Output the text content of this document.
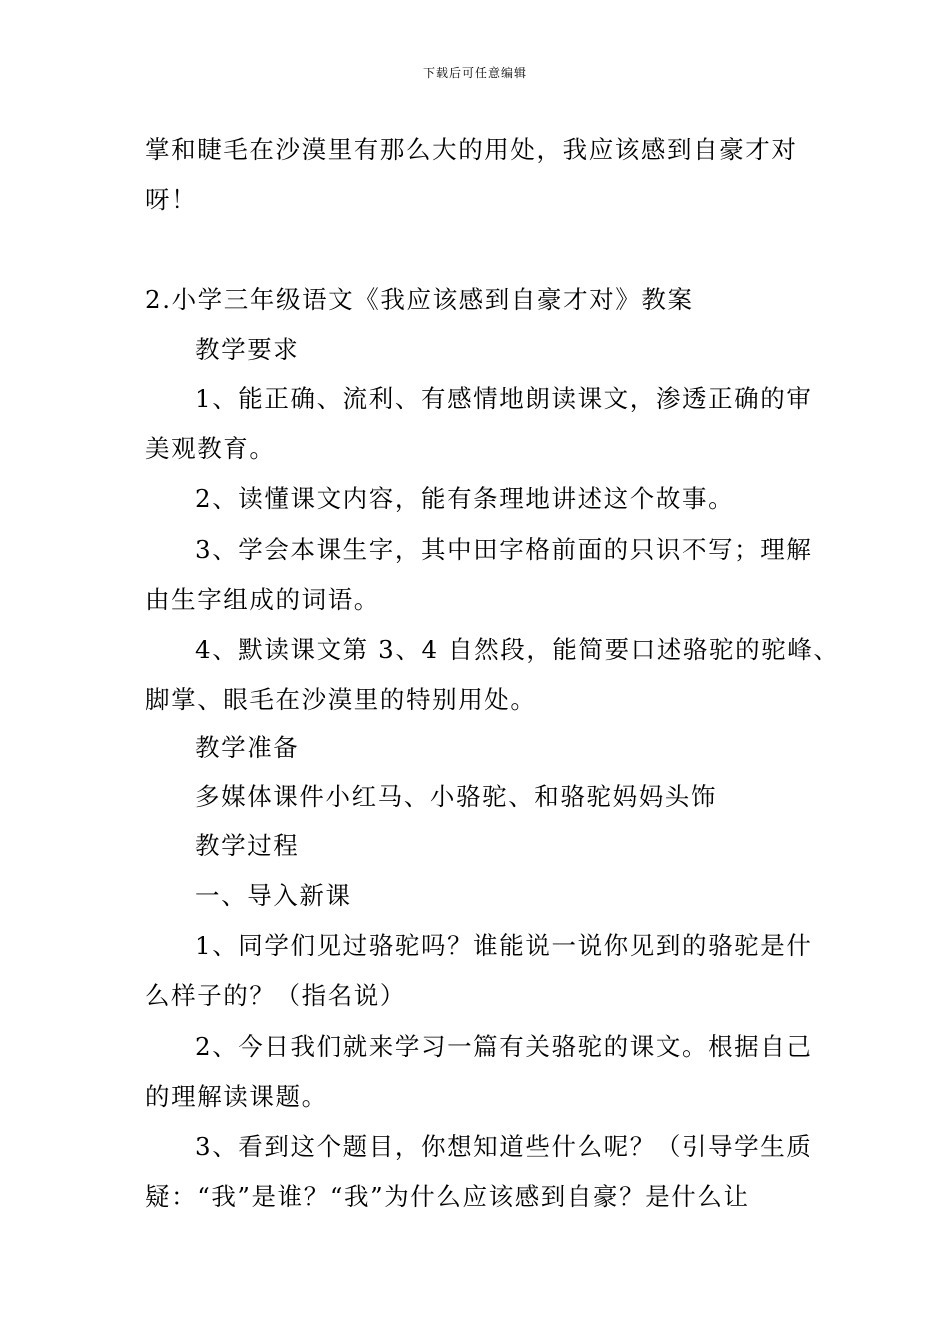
下载后可任意编辑
掌和睫毛在沙漠里有那么大的用处，我应该感到自豪才对
呀！
2.小学三年级语文《我应该感到自豪才对》教案
教学要求
1、能正确、流利、有感情地朗读课文，渗透正确的审
美观教育。
2、读懂课文内容，能有条理地讲述这个故事。
3、学会本课生字，其中田字格前面的只识不写；理解
由生字组成的词语。
4、默读课文第 3、4 自然段，能简要口述骆驼的驼峰、
脚掌、眼毛在沙漠里的特别用处。
教学准备
多媒体课件小红马、小骆驼、和骆驼妈妈头饰
教学过程
一、导入新课
1、同学们见过骆驼吗？谁能说一说你见到的骆驼是什
么样子的？（指名说）
2、今日我们就来学习一篇有关骆驼的课文。根据自己
的理解读课题。
3、看到这个题目，你想知道些什么呢？（引导学生质
疑：“我”是谁？“我”为什么应该感到自豪？是什么让
